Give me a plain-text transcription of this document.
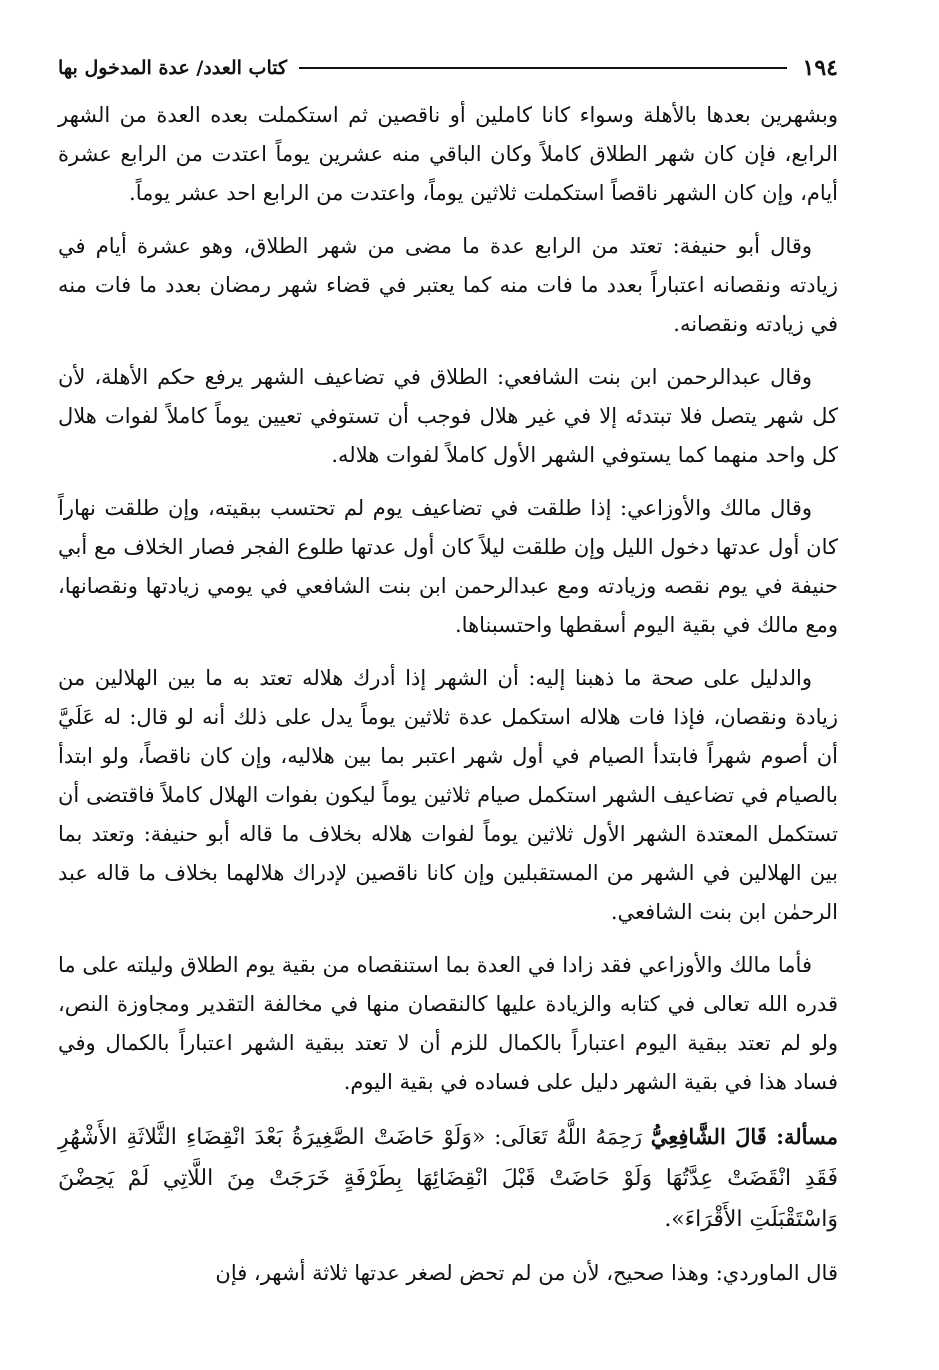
١٩٤
كتاب العدد/ عدة المدخول بها

وبشهرين بعدها بالأهلة وسواء كانا كاملين أو ناقصين ثم استكملت بعده العدة من الشهر الرابع، فإن كان شهر الطلاق كاملاً وكان الباقي منه عشرين يوماً اعتدت من الرابع عشرة أيام، وإن كان الشهر ناقصاً استكملت ثلاثين يوماً، واعتدت من الرابع احد عشر يوماً.

وقال أبو حنيفة: تعتد من الرابع عدة ما مضى من شهر الطلاق، وهو عشرة أيام في زيادته ونقصانه اعتباراً بعدد ما فات منه كما يعتبر في قضاء شهر رمضان بعدد ما فات منه في زيادته ونقصانه.

وقال عبدالرحمن ابن بنت الشافعي: الطلاق في تضاعيف الشهر يرفع حكم الأهلة، لأن كل شهر يتصل فلا تبتدئه إلا في غير هلال فوجب أن تستوفي تعيين يوماً كاملاً لفوات هلال كل واحد منهما كما يستوفي الشهر الأول كاملاً لفوات هلاله.

وقال مالك والأوزاعي: إذا طلقت في تضاعيف يوم لم تحتسب ببقيته، وإن طلقت نهاراً كان أول عدتها دخول الليل وإن طلقت ليلاً كان أول عدتها طلوع الفجر فصار الخلاف مع أبي حنيفة في يوم نقصه وزيادته ومع عبدالرحمن ابن بنت الشافعي في يومي زيادتها ونقصانها، ومع مالك في بقية اليوم أسقطها واحتسبناها.

والدليل على صحة ما ذهبنا إليه: أن الشهر إذا أدرك هلاله تعتد به ما بين الهلالين من زيادة ونقصان، فإذا فات هلاله استكمل عدة ثلاثين يوماً يدل على ذلك أنه لو قال: له عَلَيَّ أن أصوم شهراً فابتدأ الصيام في أول شهر اعتبر بما بين هلاليه، وإن كان ناقصاً، ولو ابتدأ بالصيام في تضاعيف الشهر استكمل صيام ثلاثين يوماً ليكون بفوات الهلال كاملاً فاقتضى أن تستكمل المعتدة الشهر الأول ثلاثين يوماً لفوات هلاله بخلاف ما قاله أبو حنيفة: وتعتد بما بين الهلالين في الشهر من المستقبلين وإن كانا ناقصين لإدراك هلالهما بخلاف ما قاله عبد الرحمٰن ابن بنت الشافعي.

فأما مالك والأوزاعي فقد زادا في العدة بما استنقصاه من بقية يوم الطلاق وليلته على ما قدره الله تعالى في كتابه والزيادة عليها كالنقصان منها في مخالفة التقدير ومجاوزة النص، ولو لم تعتد ببقية اليوم اعتباراً بالكمال للزم أن لا تعتد ببقية الشهر اعتباراً بالكمال وفي فساد هذا في بقية الشهر دليل على فساده في بقية اليوم.

مسألة: قَالَ الشَّافِعِيُّ رَحِمَهُ اللَّهُ تَعَالَى: «وَلَوْ حَاضَتْ الصَّغِيرَةُ بَعْدَ انْقِضَاءِ الثَّلاثَةِ الأَشْهُرِ فَقَدِ انْقَضَتْ عِدَّتُهَا وَلَوْ حَاضَتْ قَبْلَ انْقِضَائِهَا بِطَرْفَةٍ خَرَجَتْ مِنَ اللَّاتِي لَمْ يَحِضْنَ وَاسْتَقْبَلَتِ الأَقْرَاءَ».

قال الماوردي: وهذا صحيح، لأن من لم تحض لصغر عدتها ثلاثة أشهر، فإن
